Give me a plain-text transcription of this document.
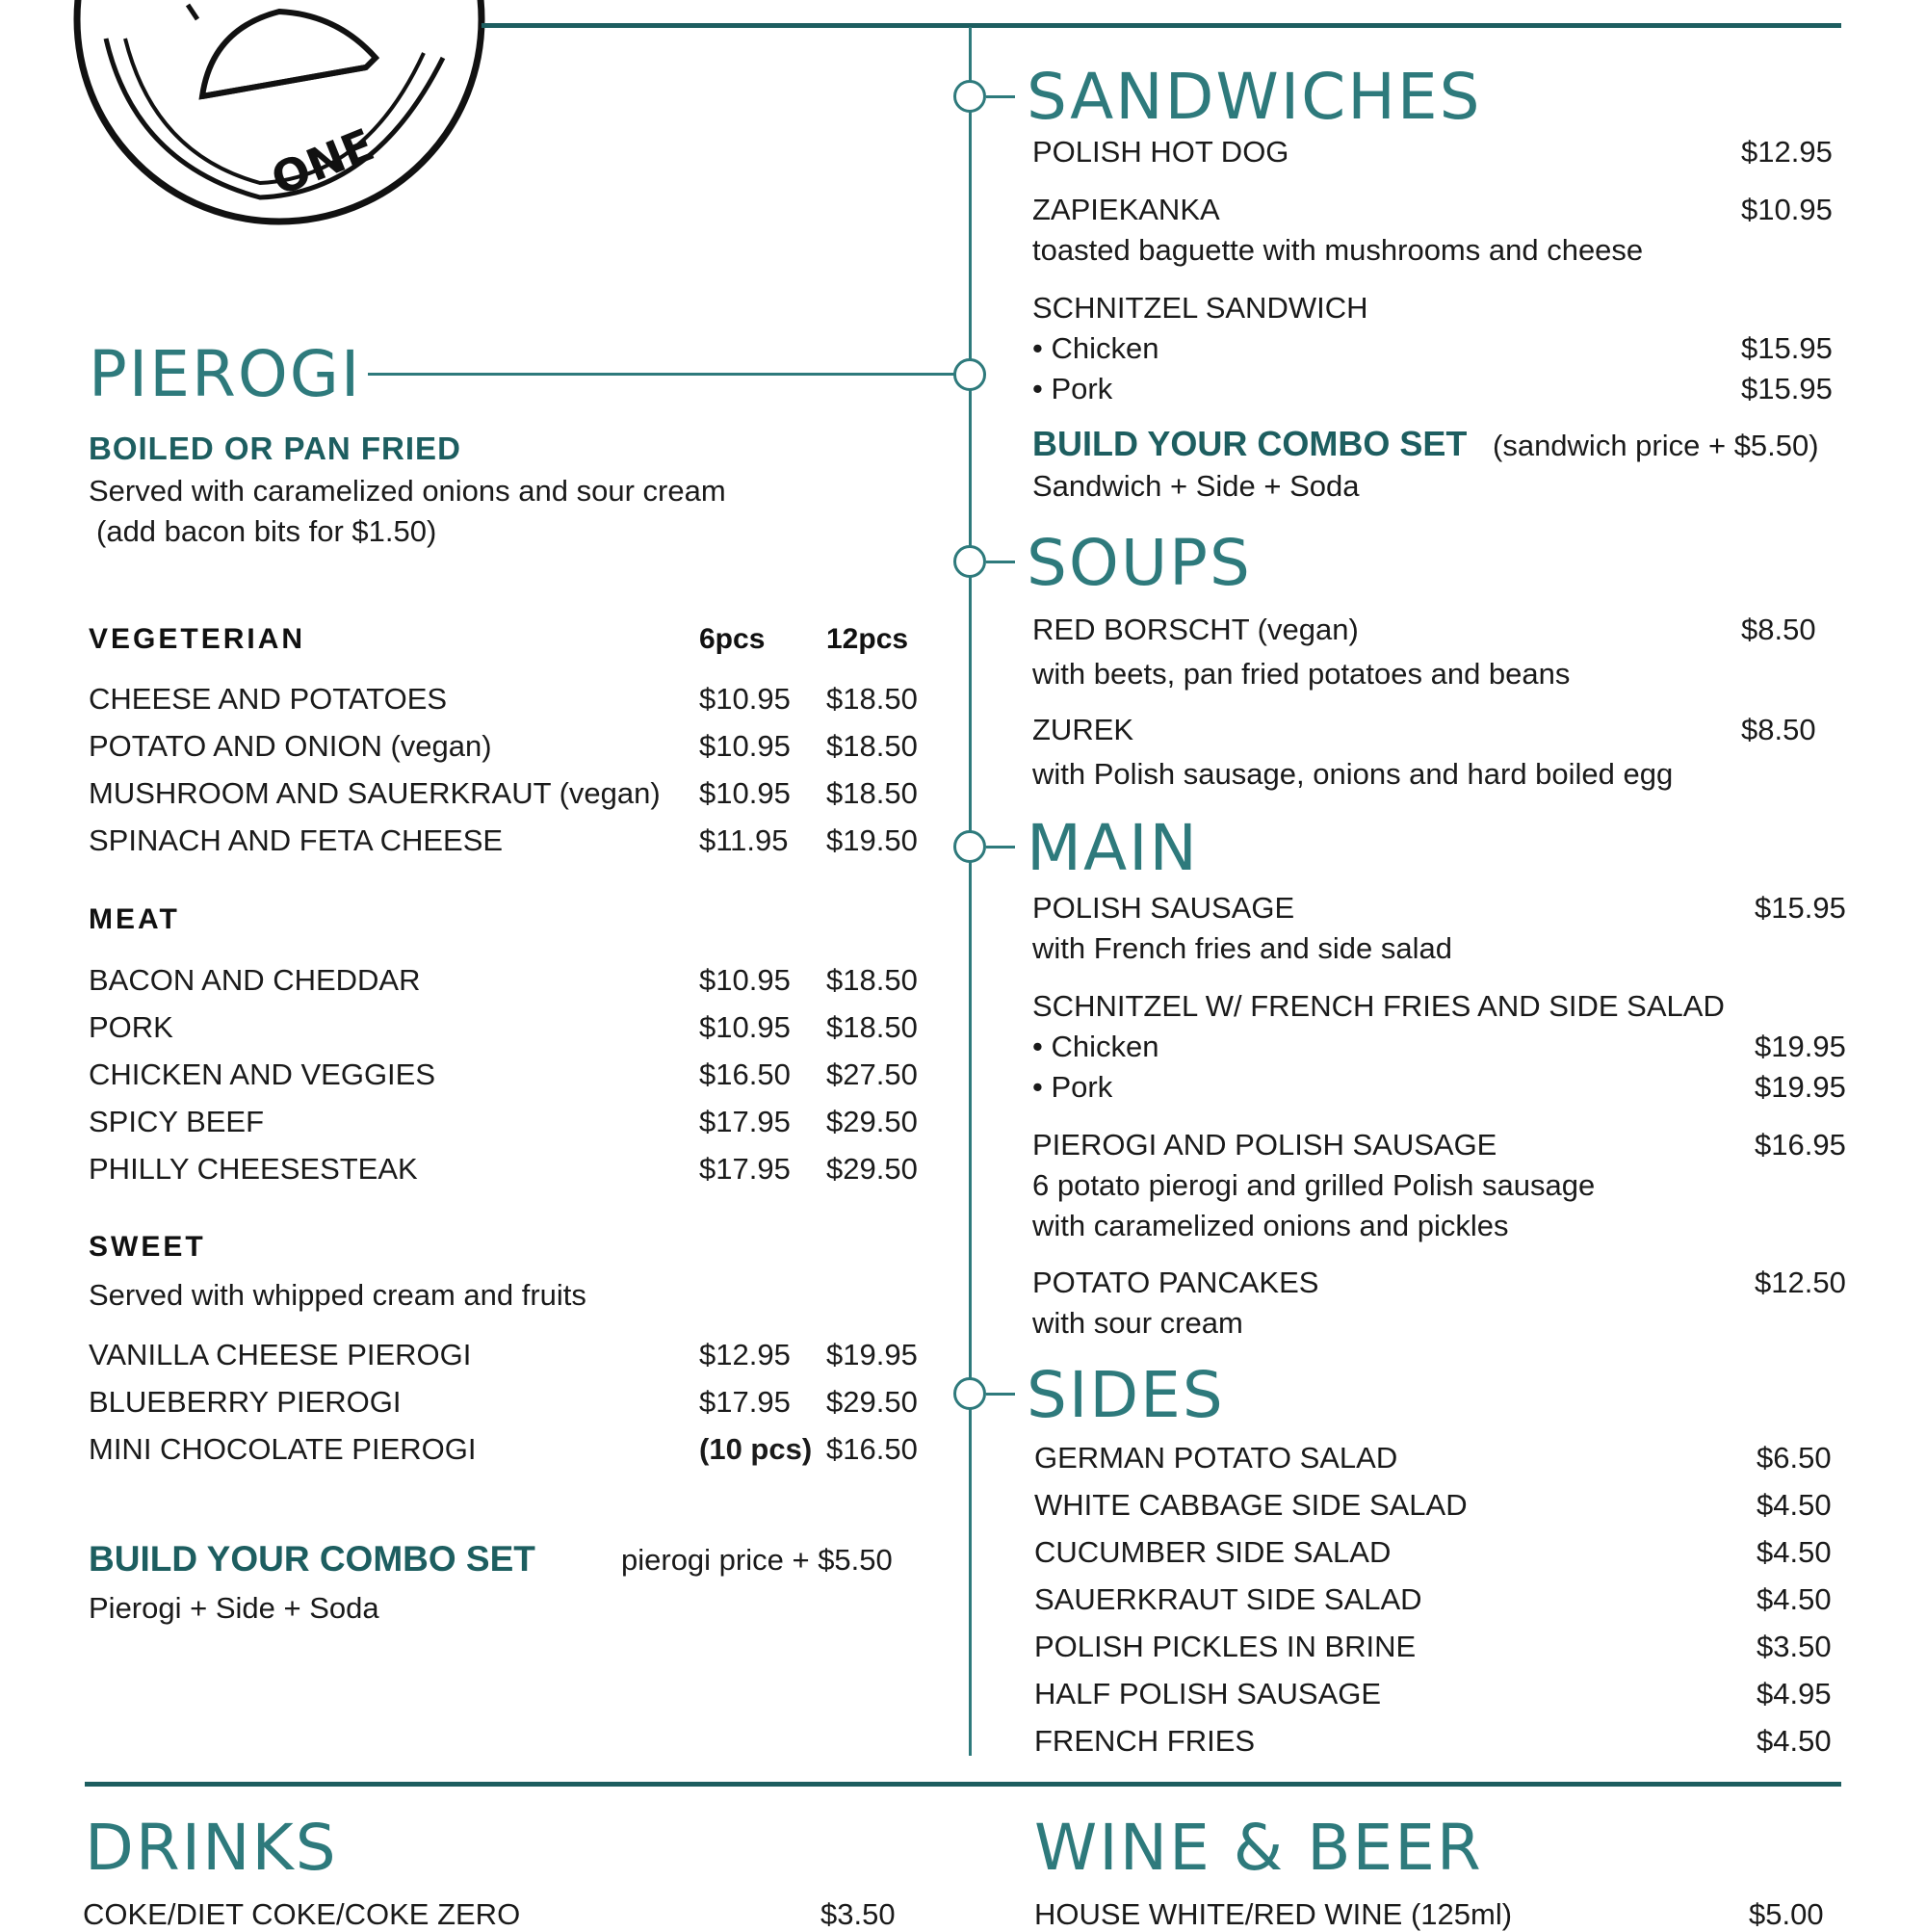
ONE
PIEROGI
BOILED OR PAN FRIED
Served with caramelized onions and sour cream
(add bacon bits for $1.50)
VEGETERIAN	6pcs 12pcs
CHEESE AND POTATOES	$10.95 $18.50
POTATO AND ONION (vegan)	$10.95 $18.50
MUSHROOM AND SAUERKRAUT (vegan) $10.95 $18.50
SPINACH AND FETA CHEESE	$11.95 $19.50
MEAT
BACON AND CHEDDAR	$10.95 $18.50
PORK	$10.95 $18.50
CHICKEN AND VEGGIES	$16.50 $27.50
SPICY BEEF	$17.95 $29.50
PHILLY CHEESESTEAK	$17.95 $29.50
SWEET
Served with whipped cream and fruits
VANILLA CHEESE PIEROGI	$12.95 $19.95
BLUEBERRY PIEROGI	$17.95 $29.50
MINI CHOCOLATE PIEROGI	(10 pcs) $16.50
BUILD YOUR COMBO SET	pierogi price + $5.50
Pierogi + Side + Soda
SANDWICHES
POLISH HOT DOG	$12.95
ZAPIEKANKA	$10.95
toasted baguette with mushrooms and cheese
SCHNITZEL SANDWICH
• Chicken	$15.95
• Pork	$15.95
BUILD YOUR COMBO SET (sandwich price + $5.50)
Sandwich + Side + Soda
SOUPS
RED BORSCHT (vegan)	$8.50
with beets, pan fried potatoes and beans
ZUREK	$8.50
with Polish sausage, onions and hard boiled egg
MAIN
POLISH SAUSAGE	$15.95
with French fries and side salad
SCHNITZEL W/ FRENCH FRIES AND SIDE SALAD
• Chicken	$19.95
• Pork	$19.95
PIEROGI AND POLISH SAUSAGE	$16.95
6 potato pierogi and grilled Polish sausage
with caramelized onions and pickles
POTATO PANCAKES	$12.50
with sour cream
SIDES
GERMAN POTATO SALAD	$6.50
WHITE CABBAGE SIDE SALAD	$4.50
CUCUMBER SIDE SALAD	$4.50
SAUERKRAUT SIDE SALAD	$4.50
POLISH PICKLES IN BRINE	$3.50
HALF POLISH SAUSAGE	$4.95
FRENCH FRIES	$4.50
DRINKS
COKE/DIET COKE/COKE ZERO	$3.50
WINE & BEER
HOUSE WHITE/RED WINE (125ml)	$5.00
